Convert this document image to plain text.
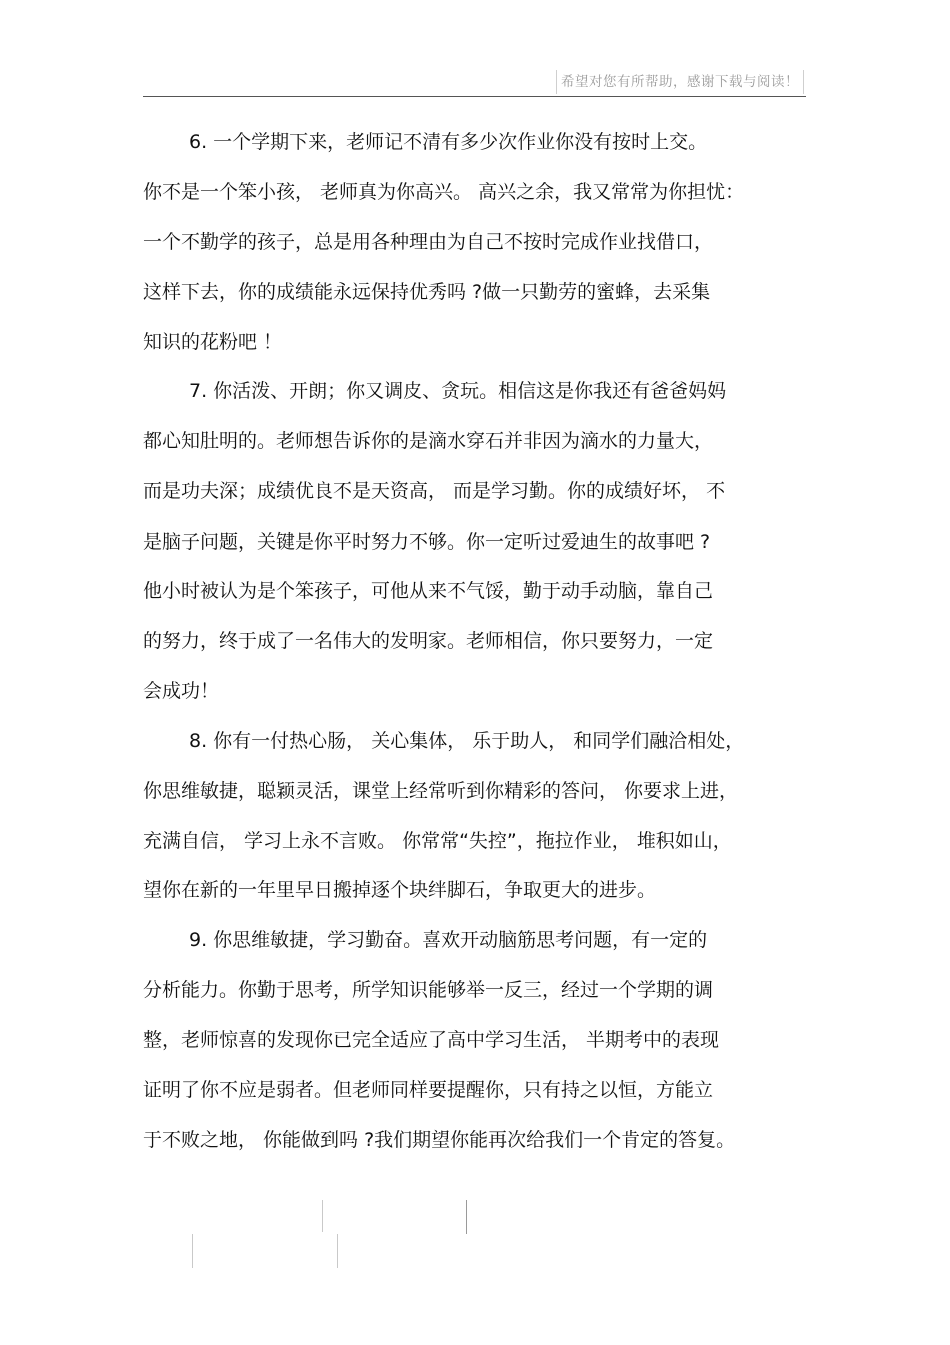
希望对您有所帮助，感谢下载与阅读！
6. 一个学期下来，老师记不清有多少次作业你没有按时上交。
你不是一个笨小孩， 老师真为你高兴。 高兴之余，我又常常为你担忧：
一个不勤学的孩子，总是用各种理由为自己不按时完成作业找借口，
这样下去，你的成绩能永远保持优秀吗 ?做一只勤劳的蜜蜂，去采集
知识的花粉吧 ！
7. 你活泼、开朗；你又调皮、贪玩。相信这是你我还有爸爸妈妈
都心知肚明的。老师想告诉你的是滴水穿石并非因为滴水的力量大，
而是功夫深；成绩优良不是天资高， 而是学习勤。你的成绩好坏， 不
是脑子问题，关键是你平时努力不够。你一定听过爱迪生的故事吧 ?
他小时被认为是个笨孩子，可他从来不气馁，勤于动手动脑，靠自己
的努力，终于成了一名伟大的发明家。老师相信，你只要努力，一定
会成功！
8. 你有一付热心肠， 关心集体， 乐于助人， 和同学们融洽相处，
你思维敏捷，聪颖灵活，课堂上经常听到你精彩的答问， 你要求上进，
充满自信， 学习上永不言败。 你常常“失控”，拖拉作业， 堆积如山，
望你在新的一年里早日搬掉逐个块绊脚石，争取更大的进步。
9. 你思维敏捷，学习勤奋。喜欢开动脑筋思考问题，有一定的
分析能力。你勤于思考，所学知识能够举一反三，经过一个学期的调
整，老师惊喜的发现你已完全适应了高中学习生活， 半期考中的表现
证明了你不应是弱者。但老师同样要提醒你，只有持之以恒，方能立
于不败之地， 你能做到吗 ?我们期望你能再次给我们一个肯定的答复。
